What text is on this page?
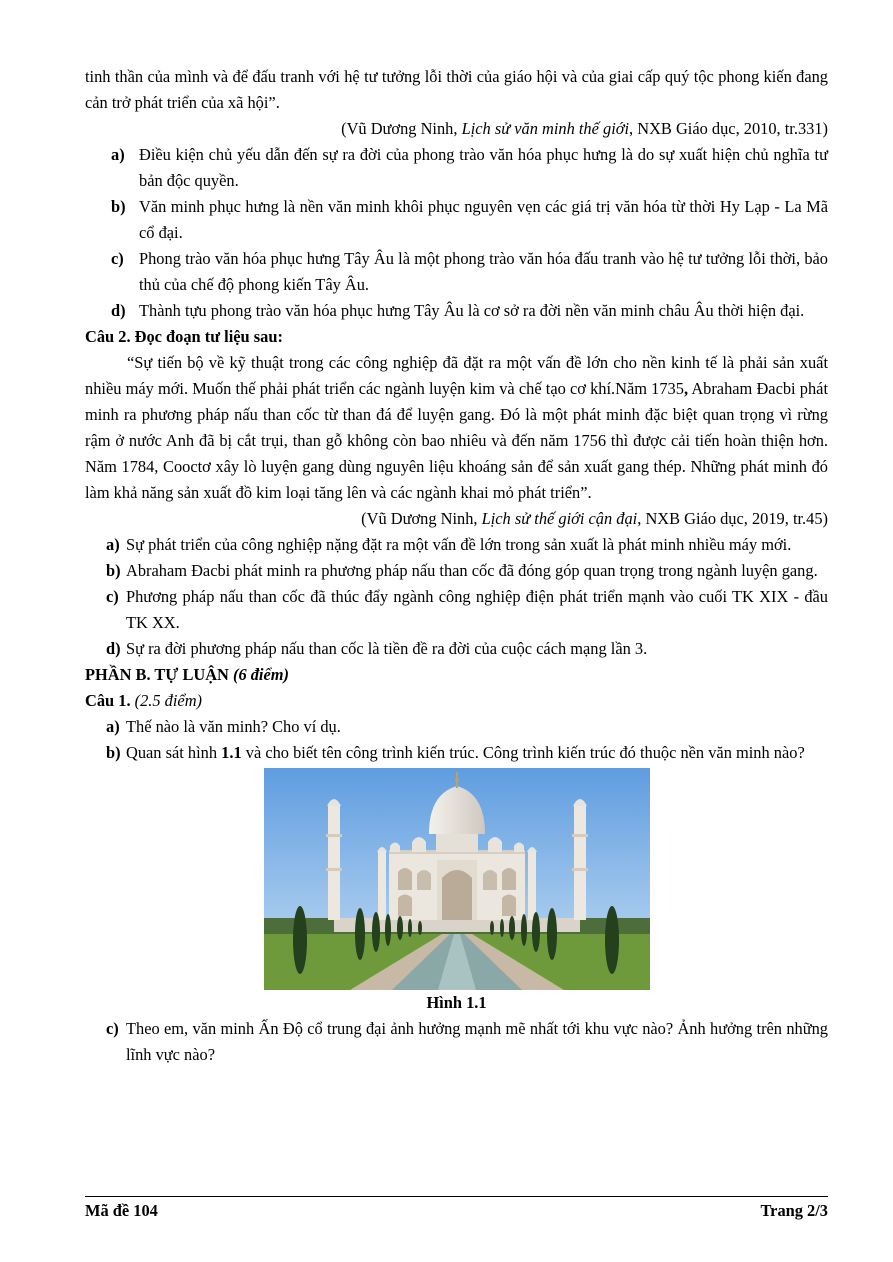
tinh thần của mình và để đấu tranh với hệ tư tưởng lỗi thời của giáo hội và của giai cấp quý tộc phong kiến đang cản trở phát triển của xã hội”.

(Vũ Dương Ninh, Lịch sử văn minh thế giới, NXB Giáo dục, 2010, tr.331)

a) Điều kiện chủ yếu dẫn đến sự ra đời của phong trào văn hóa phục hưng là do sự xuất hiện chủ nghĩa tư bản độc quyền.

b) Văn minh phục hưng là nền văn minh khôi phục nguyên vẹn các giá trị văn hóa từ thời Hy Lạp - La Mã cổ đại.

c) Phong trào văn hóa phục hưng Tây Âu là một phong trào văn hóa đấu tranh vào hệ tư tưởng lỗi thời, bảo thủ của chế độ phong kiến Tây Âu.

d) Thành tựu phong trào văn hóa phục hưng Tây Âu là cơ sở ra đời nền văn minh châu Âu thời hiện đại.

Câu 2. Đọc đoạn tư liệu sau:

“Sự tiến bộ về kỹ thuật trong các công nghiệp đã đặt ra một vấn đề lớn cho nền kinh tế là phải sản xuất nhiều máy mới. Muốn thế phải phát triển các ngành luyện kim và chế tạo cơ khí.Năm 1735, Abraham Đacbi phát minh ra phương pháp nấu than cốc từ than đá để luyện gang. Đó là một phát minh đặc biệt quan trọng vì rừng rậm ở nước Anh đã bị cắt trụi, than gỗ không còn bao nhiêu và đến năm 1756 thì được cải tiến hoàn thiện hơn. Năm 1784, Cooctơ xây lò luyện gang dùng nguyên liệu khoáng sản để sản xuất gang thép. Những phát minh đó làm khả năng sản xuất đồ kim loại tăng lên và các ngành khai mỏ phát triển”.

(Vũ Dương Ninh, Lịch sử thế giới cận đại, NXB Giáo dục, 2019, tr.45)

a) Sự phát triển của công nghiệp nặng đặt ra một vấn đề lớn trong sản xuất là phát minh nhiều máy mới.

b) Abraham Đacbi phát minh ra phương pháp nấu than cốc đã đóng góp quan trọng trong ngành luyện gang.

c) Phương pháp nấu than cốc đã thúc đẩy ngành công nghiệp điện phát triển mạnh vào cuối TK XIX - đầu TK XX.

d) Sự ra đời phương pháp nấu than cốc là tiền đề ra đời của cuộc cách mạng lần 3.

PHẦN B. TỰ LUẬN (6 điểm)

Câu 1. (2.5 điểm)

a) Thế nào là văn minh? Cho ví dụ.

b) Quan sát hình 1.1 và cho biết tên công trình kiến trúc. Công trình kiến trúc đó thuộc nền văn minh nào?

Hình 1.1

c) Theo em, văn minh Ấn Độ cổ trung đại ảnh hưởng mạnh mẽ nhất tới khu vực nào? Ảnh hưởng trên những lĩnh vực nào?

Mã đề 104	Trang 2/3
